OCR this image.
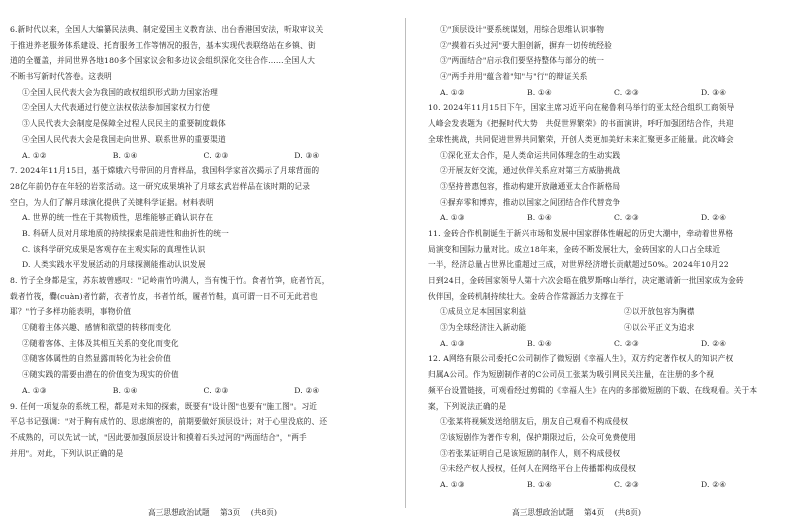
6.新时代以来，全国人大编纂民法典、制定爱国主义教育法、出台香港国安法，听取审议关
于推进养老服务体系建设、托育服务工作等情况的报告，基本实现代表联络站在乡镇、街
道的全覆盖，并同世界各地180多个国家议会和多边议会组织深化交往合作……全国人大
不断书写新时代答卷。这表明
①全国人民代表大会为我国的政权组织形式助力国家治理
②全国人大代表通过行使立法权依法参加国家权力行使
③人民代表大会制度是保障全过程人民民主的重要制度载体
④全国人民代表大会是我国走向世界、联系世界的重要渠道
A. ①②	B. ①④	C. ②③	D. ③④
7. 2024年11月15日，基于嫦娥六号带回的月背样品，我国科学家首次揭示了月球背面的
28亿年前仍存在年轻的岩浆活动。这一研究成果填补了月球玄武岩样品在该时期的记录
空白，为人们了解月球演化提供了关键科学证据。材料表明
A. 世界的统一性在于其物质性，思维能够正确认识存在
B. 科研人员对月球地质的持续探索是前进性和曲折性的统一
C. 该科学研究成果是客观存在主观实际的真理性认识
D. 人类实践水平发展活动的月球探测能推动认识发展
8. 竹子全身都是宝，苏东坡曾感叹："记岭南竹吟满人，当有愧于竹。食者竹笋，庇者竹瓦，
载者竹筏，爨(cuàn)者竹薪，衣者竹皮，书者竹纸，履者竹鞋，真可谓一日不可无此君也
耶？"竹子多样功能表明，事物价值
①随着主体兴趣、感情和欲望的转移而变化
②随着客体、主体及其相互关系的变化而变化
③随客体属性的自然显露而转化为社会价值
④随实践的需要由潜在的价值变为现实的价值
A. ①③	B. ①④	C. ②③	D. ②④
9. 任何一项复杂的系统工程，都是对未知的探索，既要有"设计图"也要有"施工图"。习近
平总书记强调："对于胸有成竹的、思虑缜密的，前期要做好顶层设计；对于心里没底的、还
不成熟的，可以先试一试，"因此要加强顶层设计和摸着石头过河的"两面结合"，"两手
并用"。对此，下列认识正确的是
①"顶层设计"要系统谋划，用综合思维认识事物
②"摸着石头过河"要大胆创新，摒弃一切传统经验
③"两面结合"启示我们要坚持整体与部分的统一
④"两手并用"蕴含着"知"与"行"的辩证关系
A. ①②	B. ①④	C. ②③	D. ③④
10. 2024年11月15日下午，国家主席习近平向在秘鲁利马举行的亚太经合组织工商领导
人峰会发表题为《把握时代大势　共促世界繁荣》的书面演讲，呼吁加强团结合作，共迎
全球性挑战，共同促进世界共同繁荣，开创人类更加美好未来汇聚更多正能量。此次峰会
①深化亚太合作，是人类命运共同体理念的生动实践
②开展友好交流，通过伙伴关系应对第三方威胁挑战
③坚持普惠包容，推动构建开放融通亚太合作新格局
④摒弃零和博弈，推动以国家之间团结合作代替竞争
A. ①③	B. ①④	C. ②③	D. ②④
11. 金砖合作机制诞生于新兴市场和发展中国家群体性崛起的历史大潮中，牵动着世界格
局演变和国际力量对比。成立18年来，金砖不断发展壮大，金砖国家的人口占全球近
一半，经济总量占世界比重超过三成，对世界经济增长贡献超过50%。2024年10月22
日到24日，金砖国家领导人第十六次会晤在俄罗斯喀山举行，决定邀请新一批国家成为金砖
伙伴国，金砖机制持续壮大。金砖合作常源活力支撑在于
①成员立足本国国家利益	②以开放包容为胸襟
③为全球经济注入新动能	④以公平正义为追求
A. ①③	B. ①④	C. ②③	D. ②④
12. A网络有限公司委托C公司制作了微短剧《幸福人生》，双方约定著作权人的知识产权
归属A公司。作为短剧制作者的C公司员工张某为吸引网民关注量，在注册的多个视
频平台设置链接，可观看经过剪辑的《幸福人生》在内的多部微短剧的下载、在线观看。关于本
案，下列说法正确的是
①张某将视频发送给朋友后，朋友自己观看不构成侵权
②该短剧作为著作专利，保护期限过后，公众可免费使用
③若张某证明自己是该短剧的制作人，则不构成侵权
④未经产权人授权，任何人在网络平台上传播都构成侵权
A. ①③	B. ①④	C. ②③	D. ②④
高三思想政治试题 第3页 (共8页)	高三思想政治试题 第4页 (共8页)
